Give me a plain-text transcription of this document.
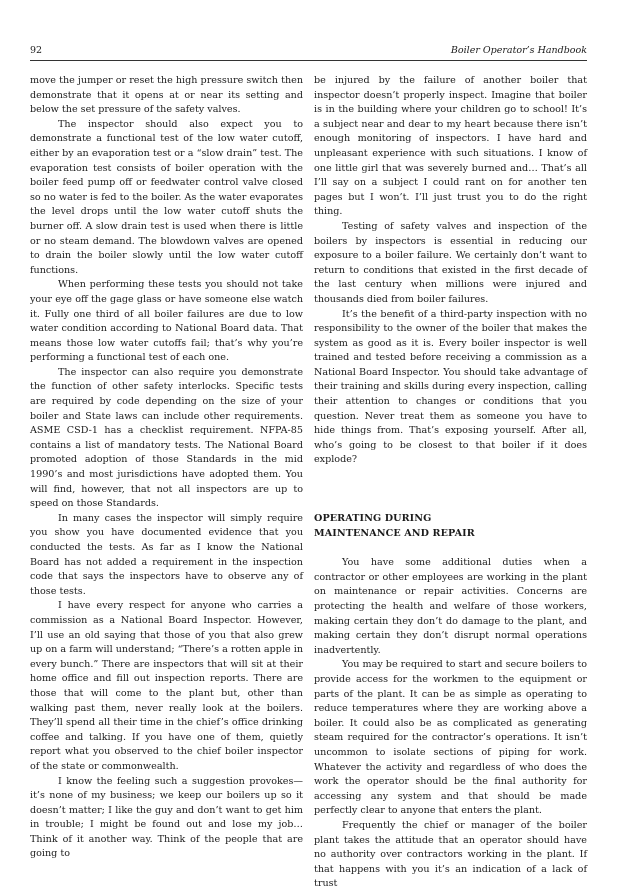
92	Boiler Operator’s Handbook

move the jumper or reset the high pressure switch then demonstrate that it opens at or near its setting and below the set pressure of the safety valves.

The inspector should also expect you to demonstrate a functional test of the low water cutoff, either by an evaporation test or a “slow drain” test. The evaporation test consists of boiler operation with the boiler feed pump off or feedwater control valve closed so no water is fed to the boiler. As the water evaporates the level drops until the low water cutoff shuts the burner off. A slow drain test is used when there is little or no steam demand. The blowdown valves are opened to drain the boiler slowly until the low water cutoff functions.

When performing these tests you should not take your eye off the gage glass or have someone else watch it. Fully one third of all boiler failures are due to low water condition according to National Board data. That means those low water cutoffs fail; that’s why you’re performing a functional test of each one.

The inspector can also require you demonstrate the function of other safety interlocks. Specific tests are required by code depending on the size of your boiler and State laws can include other requirements. ASME CSD-1 has a checklist requirement. NFPA-85 contains a list of mandatory tests. The National Board promoted adoption of those Standards in the mid 1990’s and most jurisdictions have adopted them. You will find, however, that not all inspectors are up to speed on those Standards.

In many cases the inspector will simply require you show you have documented evidence that you conducted the tests. As far as I know the National Board has not added a requirement in the inspection code that says the inspectors have to observe any of those tests.

I have every respect for anyone who carries a commission as a National Board Inspector. However, I’ll use an old saying that those of you that also grew up on a farm will understand; “There’s a rotten apple in every bunch.” There are inspectors that will sit at their home office and fill out inspection reports. There are those that will come to the plant but, other than walking past them, never really look at the boilers. They’ll spend all their time in the chief’s office drinking coffee and talking. If you have one of them, quietly report what you observed to the chief boiler inspector of the state or commonwealth.

I know the feeling such a suggestion provokes—it’s none of my business; we keep our boilers up so it doesn’t matter; I like the guy and don’t want to get him in trouble; I might be found out and lose my job… Think of it another way. Think of the people that are going to

be injured by the failure of another boiler that inspector doesn’t properly inspect. Imagine that boiler is in the building where your children go to school! It’s a subject near and dear to my heart because there isn’t enough monitoring of inspectors. I have hard and unpleasant experience with such situations. I know of one little girl that was severely burned and… That’s all I’ll say on a subject I could rant on for another ten pages but I won’t. I’ll just trust you to do the right thing.

Testing of safety valves and inspection of the boilers by inspectors is essential in reducing our exposure to a boiler failure. We certainly don’t want to return to conditions that existed in the first decade of the last century when millions were injured and thousands died from boiler failures.

It’s the benefit of a third-party inspection with no responsibility to the owner of the boiler that makes the system as good as it is. Every boiler inspector is well trained and tested before receiving a commission as a National Board Inspector. You should take advantage of their training and skills during every inspection, calling their attention to changes or conditions that you question. Never treat them as someone you have to hide things from. That’s exposing yourself. After all, who’s going to be closest to that boiler if it does explode?

OPERATING DURING
MAINTENANCE AND REPAIR

You have some additional duties when a contractor or other employees are working in the plant on maintenance or repair activities. Concerns are protecting the health and welfare of those workers, making certain they don’t do damage to the plant, and making certain they don’t disrupt normal operations inadvertently.

You may be required to start and secure boilers to provide access for the workmen to the equipment or parts of the plant. It can be as simple as operating to reduce temperatures where they are working above a boiler. It could also be as complicated as generating steam required for the contractor’s operations. It isn’t uncommon to isolate sections of piping for work. Whatever the activity and regardless of who does the work the operator should be the final authority for accessing any system and that should be made perfectly clear to anyone that enters the plant.

Frequently the chief or manager of the boiler plant takes the attitude that an operator should have no authority over contractors working in the plant. If that happens with you it’s an indication of a lack of trust
